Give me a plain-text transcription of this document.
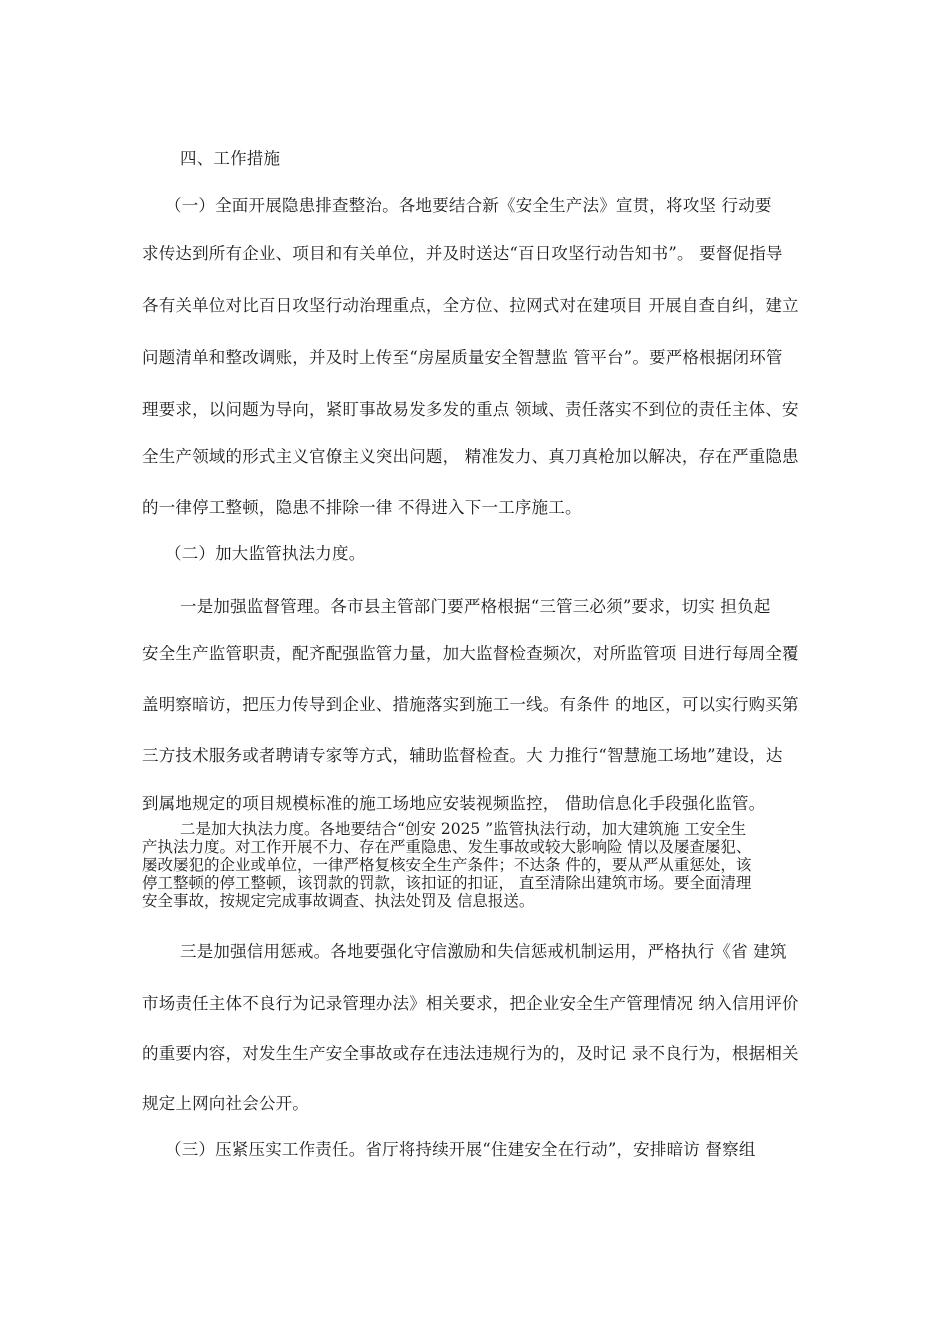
四、工作措施
（一）全面开展隐患排查整治。各地要结合新《安全生产法》宣贯，将攻坚 行动要
求传达到所有企业、项目和有关单位，并及时送达“百日攻坚行动告知书”。 要督促指导
各有关单位对比百日攻坚行动治理重点，全方位、拉网式对在建项目 开展自查自纠，建立
问题清单和整改调账，并及时上传至“房屋质量安全智慧监 管平台”。要严格根据闭环管
理要求，以问题为导向，紧盯事故易发多发的重点 领域、责任落实不到位的责任主体、安
全生产领域的形式主义官僚主义突出问题， 精准发力、真刀真枪加以解决，存在严重隐患
的一律停工整顿，隐患不排除一律 不得进入下一工序施工。
（二）加大监管执法力度。
一是加强监督管理。各市县主管部门要严格根据“三管三必须”要求，切实 担负起
安全生产监管职责，配齐配强监管力量，加大监督检查频次，对所监管项 目进行每周全覆
盖明察暗访，把压力传导到企业、措施落实到施工一线。有条件 的地区，可以实行购买第
三方技术服务或者聘请专家等方式，辅助监督检查。大 力推行“智慧施工场地”建设，达
到属地规定的项目规模标准的施工场地应安装视频监控， 借助信息化手段强化监管。
二是加大执法力度。各地要结合“创安 2025 ”监管执法行动，加大建筑施 工安全生
产执法力度。对工作开展不力、存在严重隐患、发生事故或较大影响险 情以及屡查屡犯、
屡改屡犯的企业或单位，一律严格复核安全生产条件；不达条 件的，要从严从重惩处，该
停工整顿的停工整顿，该罚款的罚款，该扣证的扣证， 直至清除出建筑市场。要全面清理
安全事故，按规定完成事故调查、执法处罚及 信息报送。
三是加强信用惩戒。各地要强化守信激励和失信惩戒机制运用，严格执行《省 建筑
市场责任主体不良行为记录管理办法》相关要求，把企业安全生产管理情况 纳入信用评价
的重要内容，对发生生产安全事故或存在违法违规行为的，及时记 录不良行为，根据相关
规定上网向社会公开。
（三）压紧压实工作责任。省厅将持续开展“住建安全在行动”，安排暗访 督察组
